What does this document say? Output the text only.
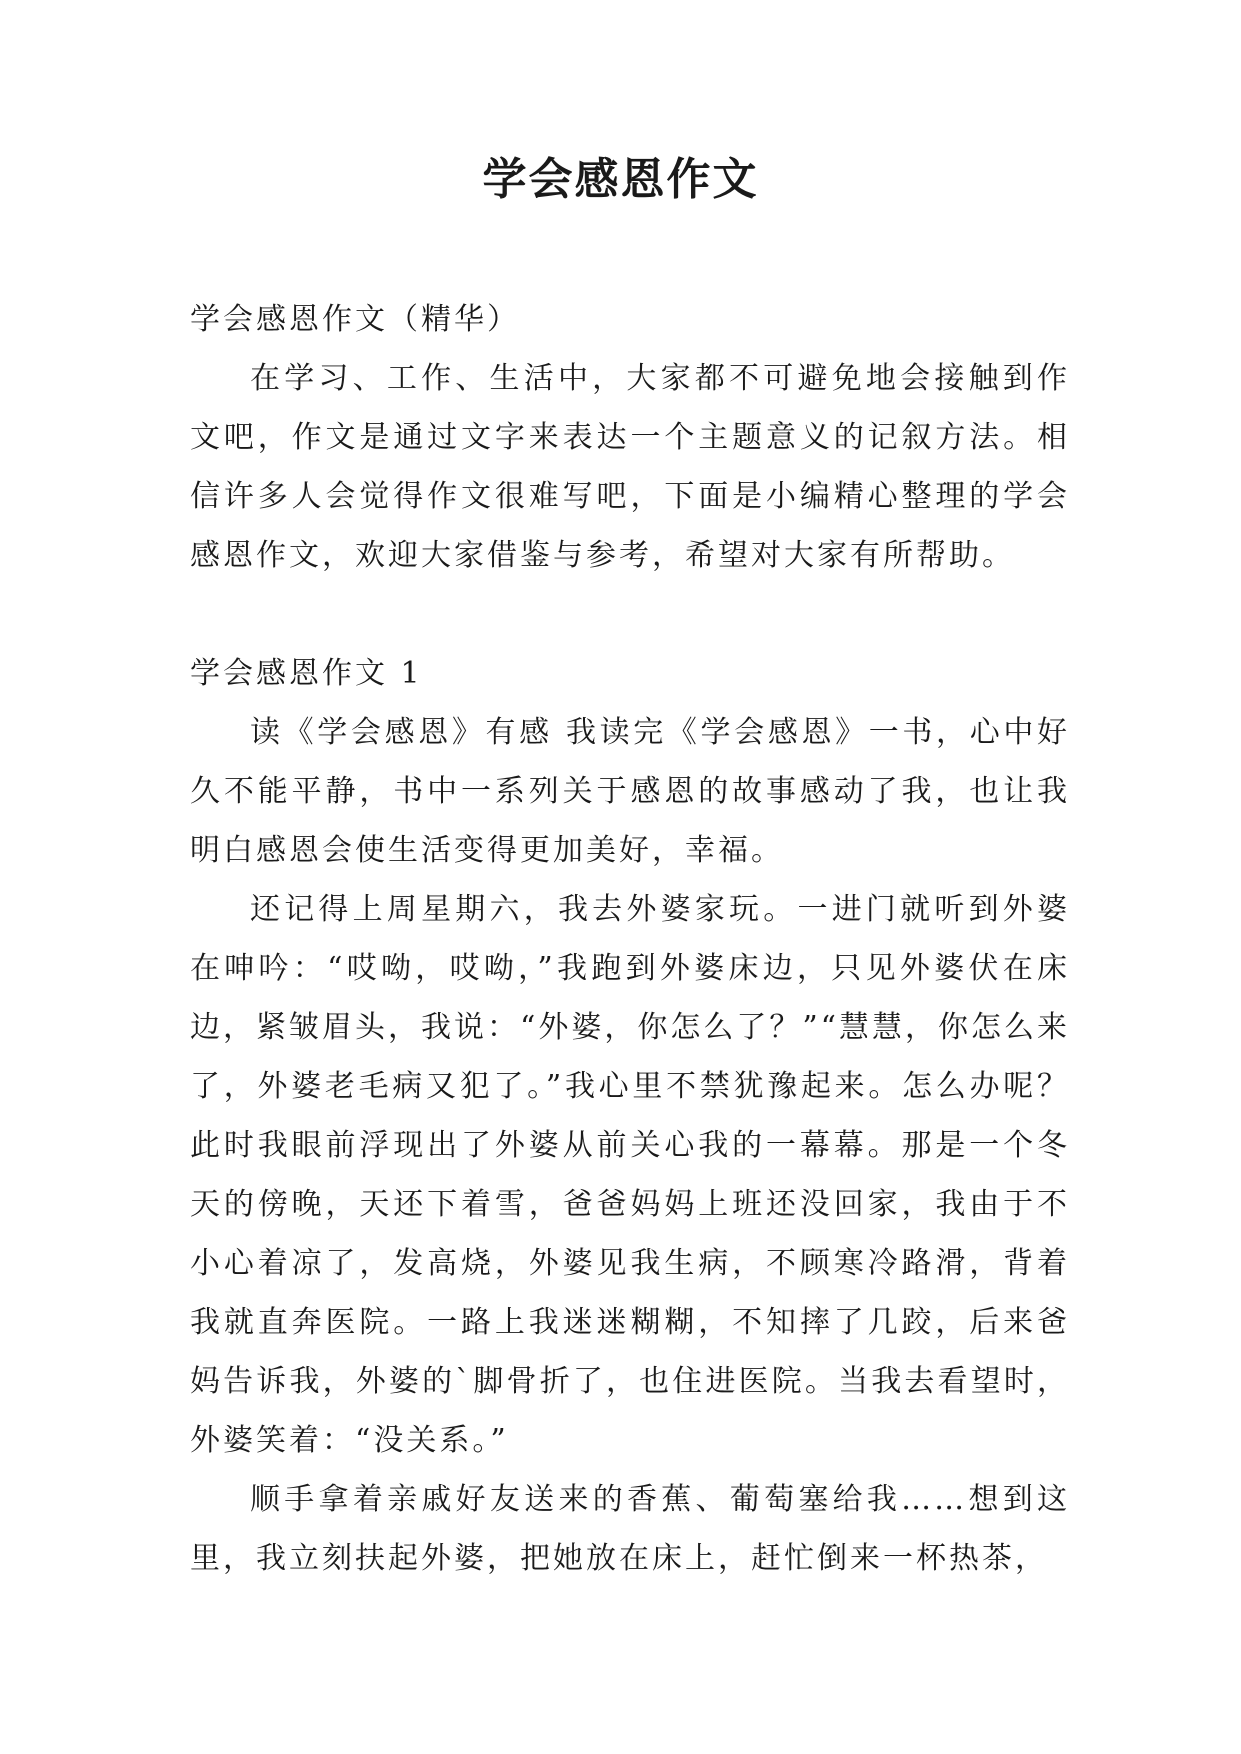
学会感恩作文

学会感恩作文（精华）

在学习、工作、生活中，大家都不可避免地会接触到作文吧，作文是通过文字来表达一个主题意义的记叙方法。相信许多人会觉得作文很难写吧，下面是小编精心整理的学会感恩作文，欢迎大家借鉴与参考，希望对大家有所帮助。

学会感恩作文 1

读《学会感恩》有感 我读完《学会感恩》一书，心中好久不能平静，书中一系列关于感恩的故事感动了我，也让我明白感恩会使生活变得更加美好，幸福。

还记得上周星期六，我去外婆家玩。一进门就听到外婆在呻吟：“哎呦，哎呦，”我跑到外婆床边，只见外婆伏在床边，紧皱眉头，我说：“外婆，你怎么了？”“慧慧，你怎么来了，外婆老毛病又犯了。”我心里不禁犹豫起来。怎么办呢？此时我眼前浮现出了外婆从前关心我的一幕幕。那是一个冬天的傍晚，天还下着雪，爸爸妈妈上班还没回家，我由于不小心着凉了，发高烧，外婆见我生病，不顾寒冷路滑，背着我就直奔医院。一路上我迷迷糊糊，不知摔了几跤，后来爸妈告诉我，外婆的`脚骨折了，也住进医院。当我去看望时，外婆笑着：“没关系。”

顺手拿着亲戚好友送来的香蕉、葡萄塞给我……想到这里，我立刻扶起外婆，把她放在床上，赶忙倒来一杯热茶，
